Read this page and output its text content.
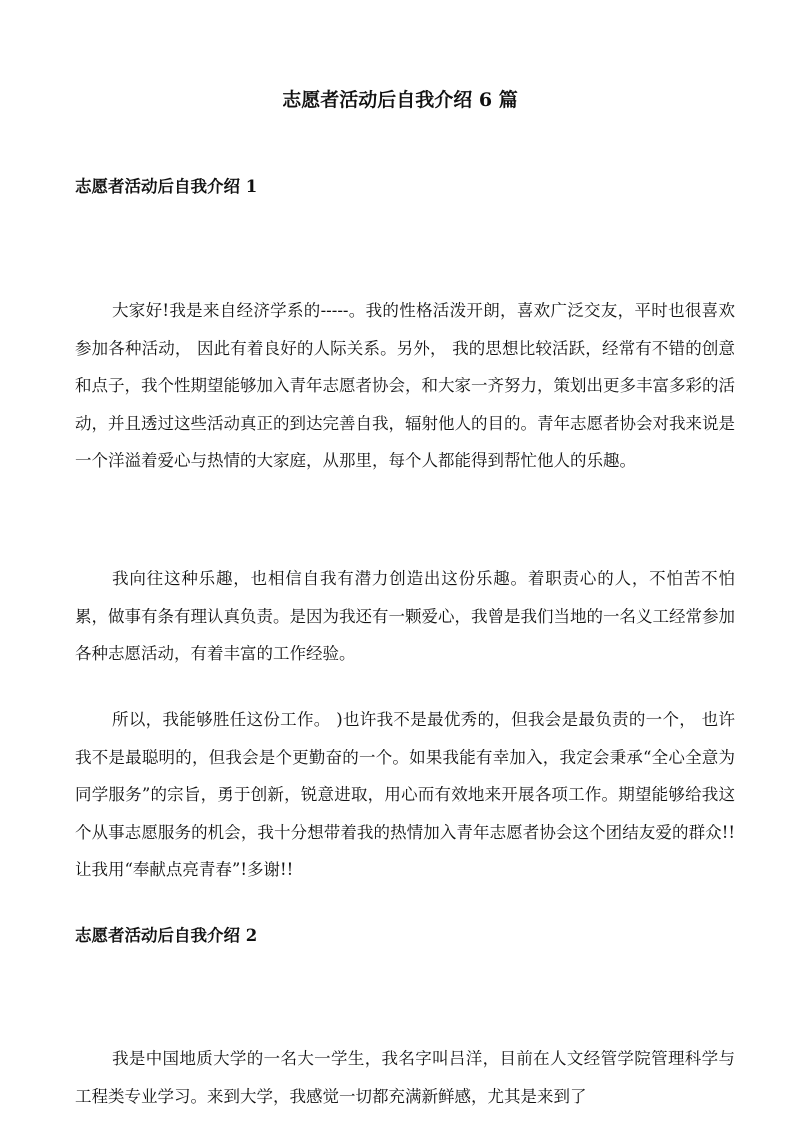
志愿者活动后自我介绍 6 篇
志愿者活动后自我介绍 1

大家好!我是来自经济学系的-----。我的性格活泼开朗，喜欢广泛交友，平时也很喜欢参加各种活动， 因此有着良好的人际关系。另外， 我的思想比较活跃，经常有不错的创意和点子，我个性期望能够加入青年志愿者协会，和大家一齐努力，策划出更多丰富多彩的活动，并且透过这些活动真正的到达完善自我，辐射他人的目的。青年志愿者协会对我来说是一个洋溢着爱心与热情的大家庭，从那里，每个人都能得到帮忙他人的乐趣。

我向往这种乐趣，也相信自我有潜力创造出这份乐趣。着职责心的人，不怕苦不怕累，做事有条有理认真负责。是因为我还有一颗爱心，我曾是我们当地的一名义工经常参加各种志愿活动，有着丰富的工作经验。

所以，我能够胜任这份工作。 )也许我不是最优秀的，但我会是最负责的一个， 也许我不是最聪明的，但我会是个更勤奋的一个。如果我能有幸加入，我定会秉承“全心全意为同学服务”的宗旨，勇于创新，锐意进取，用心而有效地来开展各项工作。期望能够给我这个从事志愿服务的机会，我十分想带着我的热情加入青年志愿者协会这个团结友爱的群众!!让我用“奉献点亮青春”!多谢!!

志愿者活动后自我介绍 2

我是中国地质大学的一名大一学生，我名字叫吕洋，目前在人文经管学院管理科学与工程类专业学习。来到大学，我感觉一切都充满新鲜感，尤其是来到了
